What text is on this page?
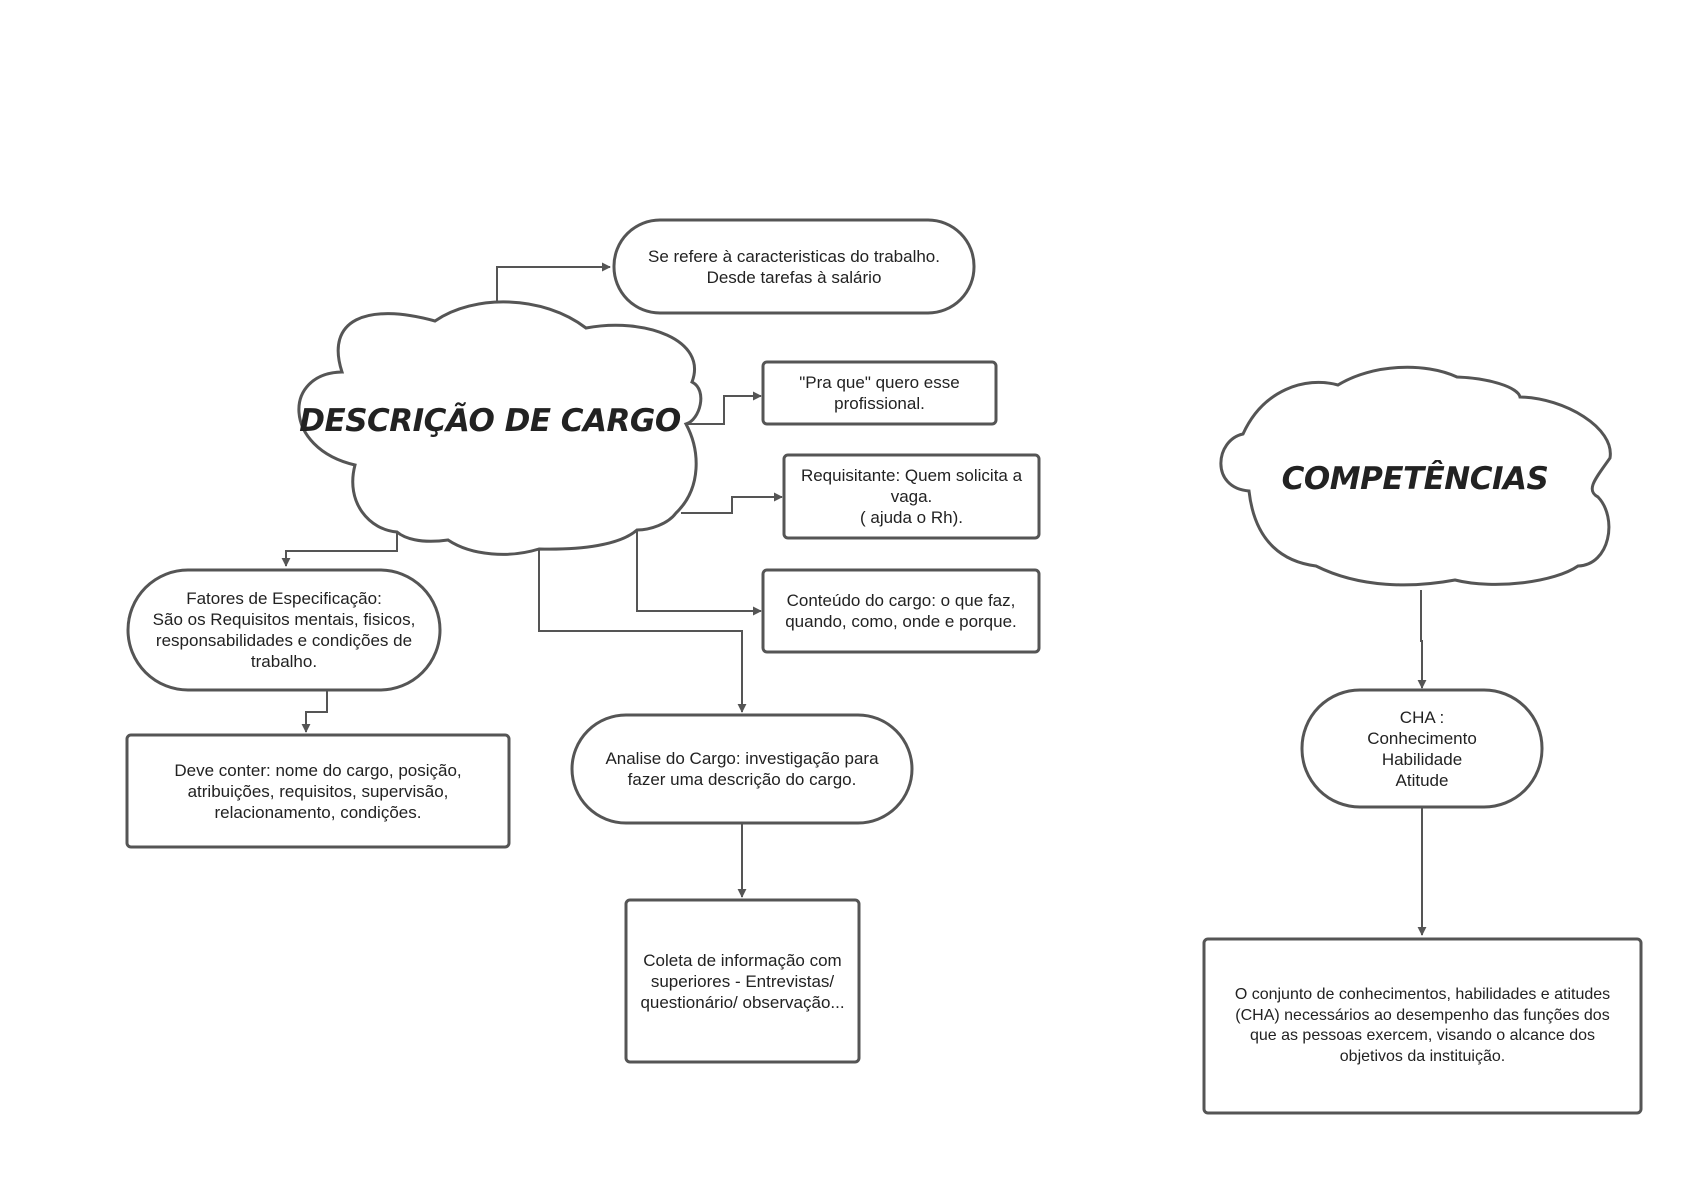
DESCRIÇÃO DE CARGO
COMPETÊNCIAS
Se refere à caracteristicas do trabalho.
Desde tarefas à salário
"Pra que" quero esse
profissional.
Requisitante: Quem solicita a
vaga.
( ajuda o Rh).
Conteúdo do cargo: o que faz,
quando, como, onde e porque.
Fatores de Especificação:
São os Requisitos mentais, fisicos,
responsabilidades e condições de
trabalho.
Deve conter: nome do cargo, posição,
atribuições, requisitos, supervisão,
relacionamento, condições.
Analise do Cargo: investigação para
fazer uma descrição do cargo.
Coleta de informação com
superiores - Entrevistas/
questionário/ observação...
CHA :
Conhecimento
Habilidade
Atitude
O conjunto de conhecimentos, habilidades e atitudes
(CHA) necessários ao desempenho das funções dos
que as pessoas exercem, visando o alcance dos
objetivos da instituição.
